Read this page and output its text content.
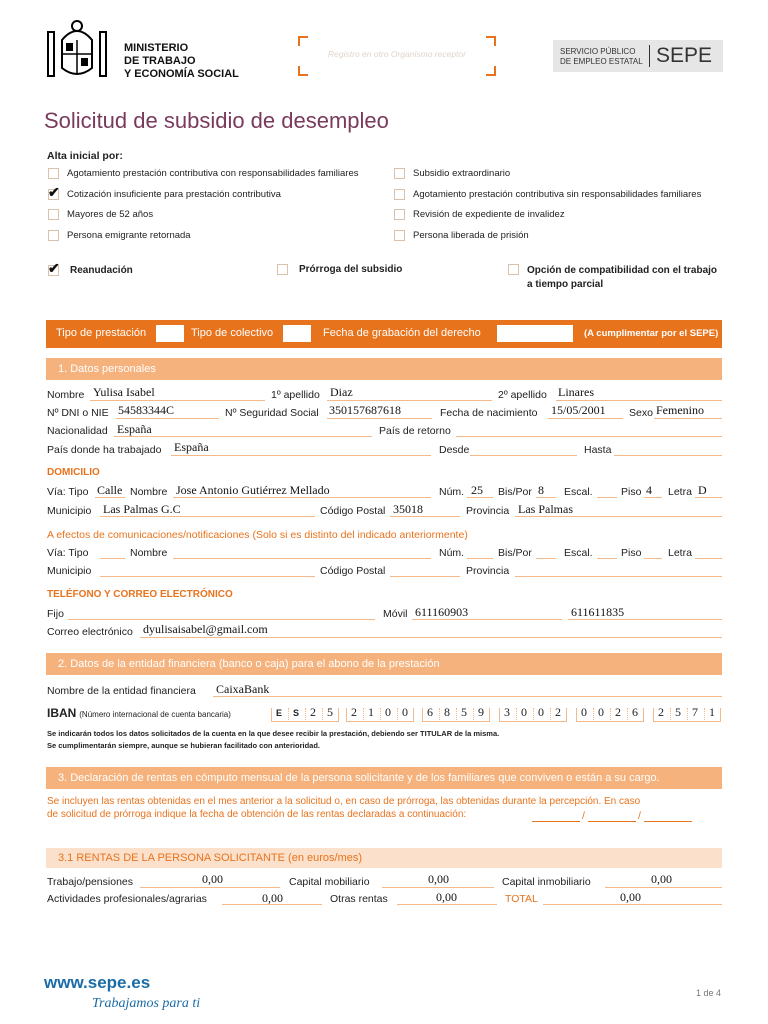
MINISTERIO
DE TRABAJO
Y ECONOMÍA SOCIAL
Registro en otro Organismo receptor	SERVICIO PÚBLICO
DE EMPLEO ESTATAL SEPE
Solicitud de subsidio de desempleo
Alta inicial por:
Agotamiento prestación contributiva con responsabilidades familiares
✔ Cotización insuficiente para prestación contributiva
Mayores de 52 años
Persona emigrante retornada
Subsidio extraordinario
Agotamiento prestación contributiva sin responsabilidades familiares
Revisión de expediente de invalidez
Persona liberada de prisión
✔ Reanudación	Prórroga del subsidio	Opción de compatibilidad con el trabajo
a tiempo parcial
Tipo de prestación	Tipo de colectivo	Fecha de grabación del derecho	(A cumplimentar por el SEPE)
1. Datos personales
Nombre Yulisa Isabel	1º apellido Diaz	2º apellido Linares
Nº DNI o NIE 54583344C	Nº Seguridad Social 350157687618	Fecha de nacimiento 15/05/2001 Sexo Femenino
Nacionalidad España	País de retorno
País donde ha trabajado España	Desde	Hasta
DOMICILIO
Vía: Tipo Calle Nombre Jose Antonio Gutiérrez Mellado	Núm. 25 Bis/Por 8 Escal.	Piso 4 Letra D
Municipio Las Palmas G.C	Código Postal 35018	Provincia Las Palmas
A efectos de comunicaciones/notificaciones (Solo si es distinto del indicado anteriormente)
Vía: Tipo	Nombre	Núm.	Bis/Por	Escal.	Piso	Letra
Municipio	Código Postal	Provincia
TELÉFONO Y CORREO ELECTRÓNICO
Fijo	Móvil 611160903	611611835
Correo electrónico dyulisaisabel@gmail.com
2. Datos de la entidad financiera (banco o caja) para el abono de la prestación
Nombre de la entidad financiera CaixaBank
IBAN (Número internacional de cuenta bancaria)	E S 2 5 2 1 0 0 6 8 5 9 3 0 0 2 0 0 2 6 2 5 7 1
Se indicarán todos los datos solicitados de la cuenta en la que desee recibir la prestación, debiendo ser TITULAR de la misma.
Se cumplimentarán siempre, aunque se hubieran facilitado con anterioridad.
3. Declaración de rentas en cómputo mensual de la persona solicitante y de los familiares que conviven o están a su cargo.
Se incluyen las rentas obtenidas en el mes anterior a la solicitud o, en caso de prórroga, las obtenidas durante la percepción. En caso
de solicitud de prórroga indique la fecha de obtención de las rentas declaradas a continuación:	/	/
3.1 RENTAS DE LA PERSONA SOLICITANTE (en euros/mes)
Trabajo/pensiones	0,00	Capital mobiliario	0,00	Capital inmobiliario	0,00
Actividades profesionales/agrarias	0,00	Otras rentas	0,00	TOTAL	0,00
www.sepe.es
Trabajamos para ti
1 de 4
